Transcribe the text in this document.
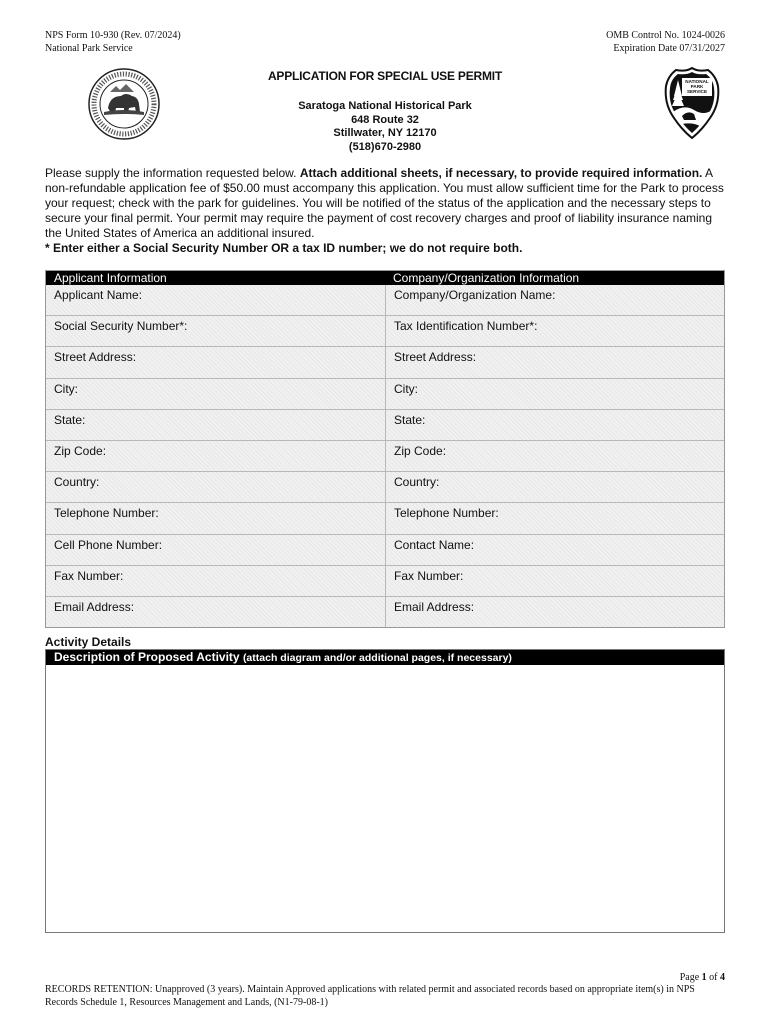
NPS Form 10-930 (Rev. 07/2024)
National Park Service
OMB Control No. 1024-0026
Expiration Date 07/31/2027
NATIONAL
PARK
SERVICE
APPLICATION FOR SPECIAL USE PERMIT
Saratoga National Historical Park
648 Route 32
Stillwater, NY 12170
(518)670-2980
Please supply the information requested below. Attach additional sheets, if necessary, to provide required information. A non-refundable application fee of $50.00 must accompany this application. You must allow sufficient time for the Park to process your request; check with the park for guidelines. You will be notified of the status of the application and the necessary steps to secure your final permit. Your permit may require the payment of cost recovery charges and proof of liability insurance naming the United States of America an additional insured.
* Enter either a Social Security Number OR a tax ID number; we do not require both.
Applicant Information	Company/Organization Information
Applicant Name:	Company/Organization Name:
Social Security Number*:	Tax Identification Number*:
Street Address:	Street Address:
City:	City:
State:	State:
Zip Code:	Zip Code:
Country:	Country:
Telephone Number:	Telephone Number:
Cell Phone Number:	Contact Name:
Fax Number:	Fax Number:
Email Address:	Email Address:
Activity Details
Description of Proposed Activity (attach diagram and/or additional pages, if necessary)
Page 1 of 4
RECORDS RETENTION: Unapproved (3 years). Maintain Approved applications with related permit and associated records based on appropriate item(s) in NPS Records Schedule 1, Resources Management and Lands, (N1-79-08-1)
